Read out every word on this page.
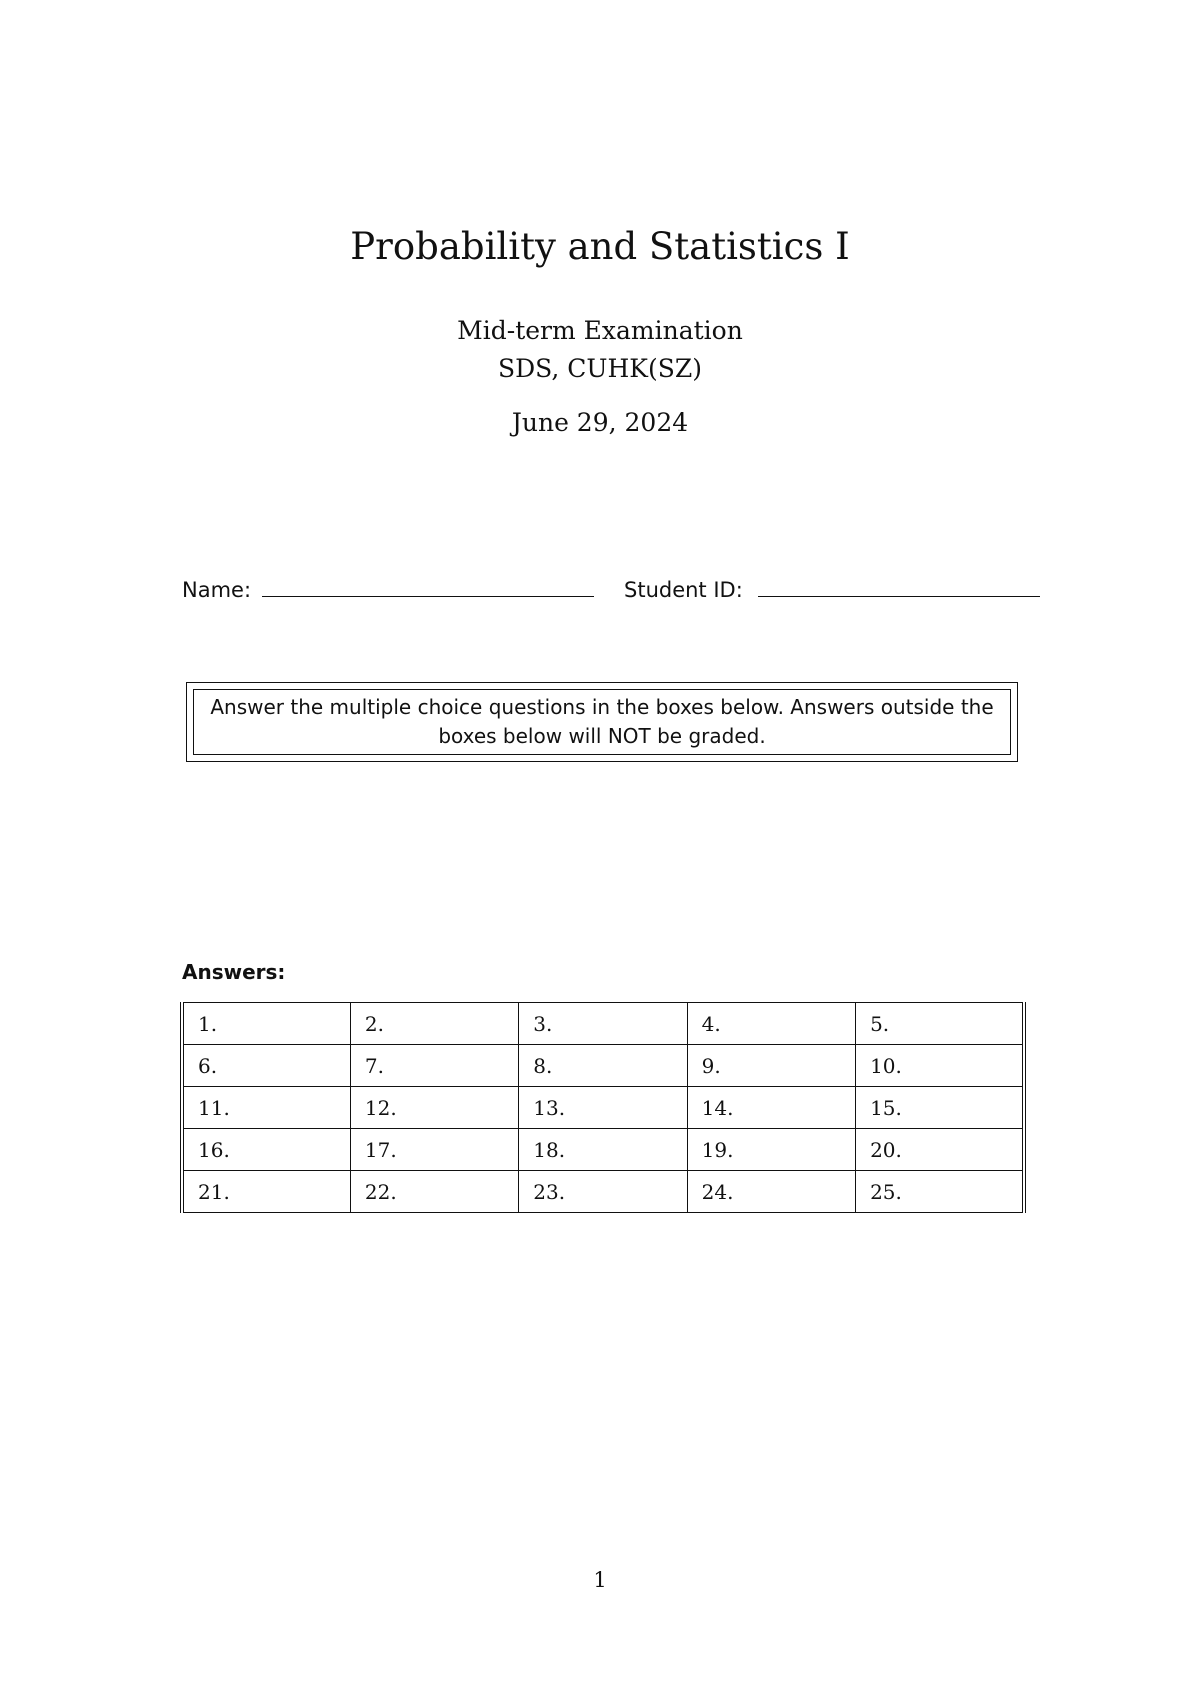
Probability and Statistics I
Mid-term Examination
SDS, CUHK(SZ)
June 29, 2024
Name:	Student ID:
Answer the multiple choice questions in the boxes below. Answers outside the boxes below will NOT be graded.
Answers:
1.	2.	3.	4.	5.
6.	7.	8.	9.	10.
11.	12.	13.	14.	15.
16.	17.	18.	19.	20.
21.	22.	23.	24.	25.
1
